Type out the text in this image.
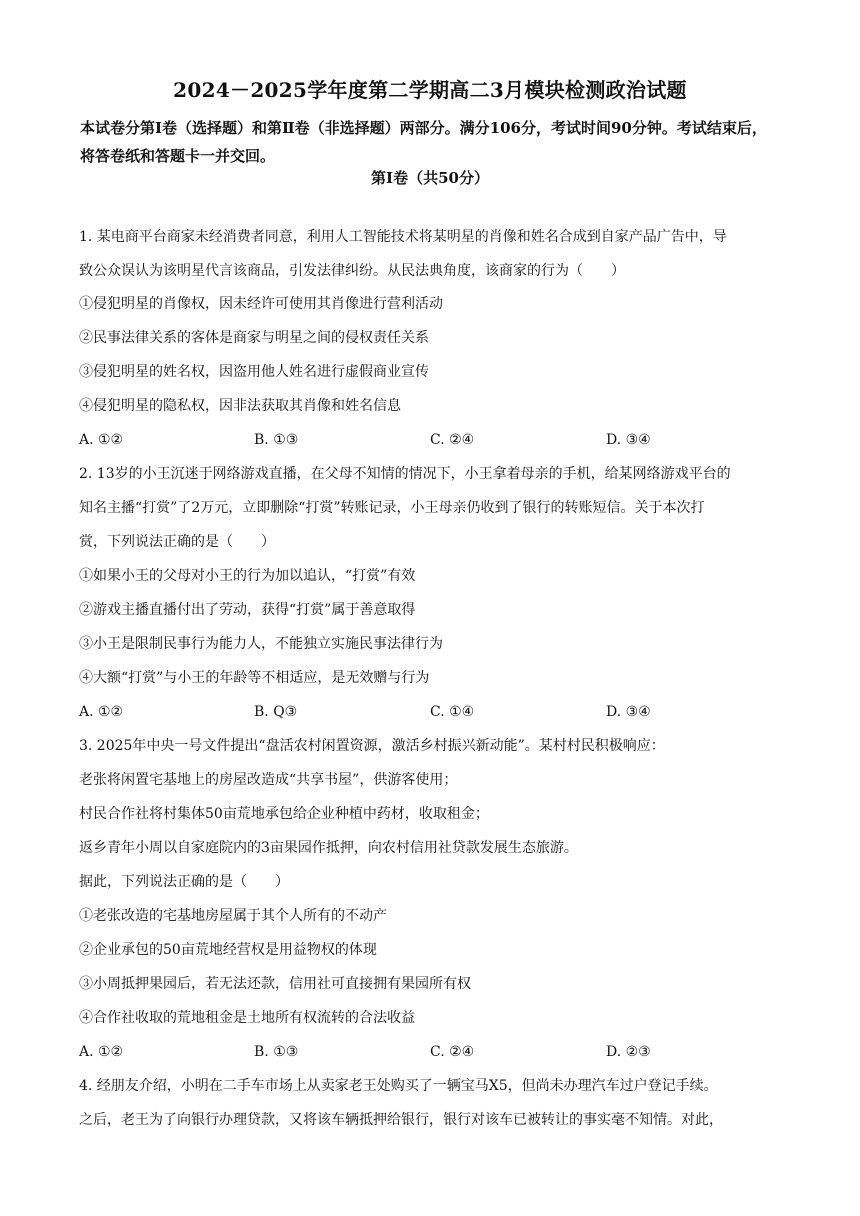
2024－2025学年度第二学期高二3月模块检测政治试题
本试卷分第Ⅰ卷（选择题）和第Ⅱ卷（非选择题）两部分。满分106分，考试时间90分钟。考试结束后，将答卷纸和答题卡一并交回。
第Ⅰ卷（共50分）
1. 某电商平台商家未经消费者同意，利用人工智能技术将某明星的肖像和姓名合成到自家产品广告中，导
致公众误认为该明星代言该商品，引发法律纠纷。从民法典角度，该商家的行为（　　）
①侵犯明星的肖像权，因未经许可使用其肖像进行营利活动
②民事法律关系的客体是商家与明星之间的侵权责任关系
③侵犯明星的姓名权，因盗用他人姓名进行虚假商业宣传
④侵犯明星的隐私权，因非法获取其肖像和姓名信息
A. ①②	B. ①③	C. ②④	D. ③④
2. 13岁的小王沉迷于网络游戏直播，在父母不知情的情况下，小王拿着母亲的手机，给某网络游戏平台的
知名主播“打赏”了2万元，立即删除“打赏”转账记录，小王母亲仍收到了银行的转账短信。关于本次打
赏，下列说法正确的是（　　）
①如果小王的父母对小王的行为加以追认，“打赏”有效
②游戏主播直播付出了劳动，获得“打赏”属于善意取得
③小王是限制民事行为能力人，不能独立实施民事法律行为
④大额“打赏”与小王的年龄等不相适应，是无效赠与行为
A. ①②	B. Q③	C. ①④	D. ③④
3. 2025年中央一号文件提出“盘活农村闲置资源，激活乡村振兴新动能”。某村村民积极响应：
老张将闲置宅基地上的房屋改造成“共享书屋”，供游客使用；
村民合作社将村集体50亩荒地承包给企业种植中药材，收取租金；
返乡青年小周以自家庭院内的3亩果园作抵押，向农村信用社贷款发展生态旅游。
据此，下列说法正确的是（　　）
①老张改造的宅基地房屋属于其个人所有的不动产
②企业承包的50亩荒地经营权是用益物权的体现
③小周抵押果园后，若无法还款，信用社可直接拥有果园所有权
④合作社收取的荒地租金是土地所有权流转的合法收益
A. ①②	B. ①③	C. ②④	D. ②③
4. 经朋友介绍，小明在二手车市场上从卖家老王处购买了一辆宝马X5，但尚未办理汽车过户登记手续。
之后，老王为了向银行办理贷款，又将该车辆抵押给银行，银行对该车已被转让的事实毫不知情。对此，
